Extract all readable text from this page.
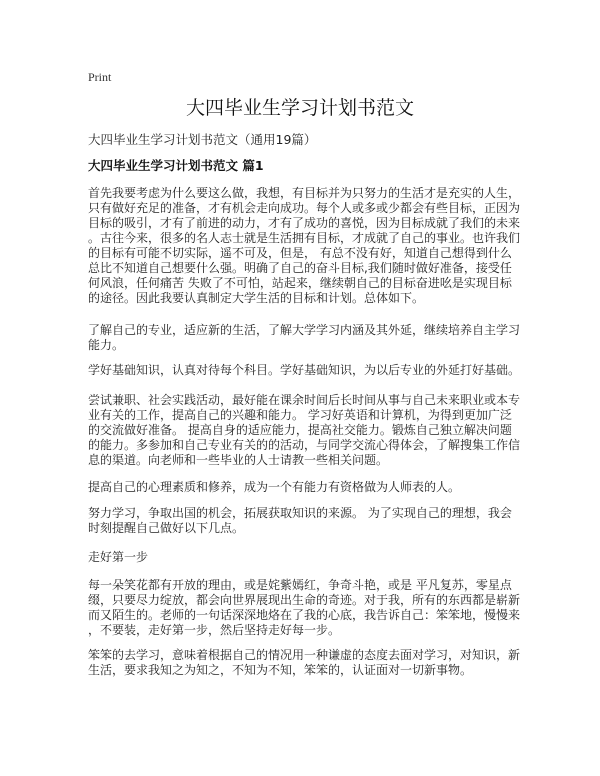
Print
大四毕业生学习计划书范文
大四毕业生学习计划书范文（通用19篇）
大四毕业生学习计划书范文 篇1
首先我要考虑为什么要这么做，我想，有目标并为只努力的生活才是充实的人生，
只有做好充足的准备，才有机会走向成功。每个人或多或少都会有些目标，正因为
目标的吸引，才有了前进的动力，才有了成功的喜悦，因为目标成就了我们的未来
。古往今来，很多的名人志士就是生活拥有目标，才成就了自己的事业。也许我们
的目标有可能不切实际，遥不可及，但是， 有总不没有好，知道自己想得到什么
总比不知道自己想要什么强。明确了自己的奋斗目标,我们随时做好准备，接受任
何风浪，任何痛苦 失败了不可怕，站起来，继续朝自己的目标奋进吆是实现目标
的途径。因此我要认真制定大学生活的目标和计划。总体如下。
了解自己的专业，适应新的生活，了解大学学习内涵及其外延，继续培养自主学习
能力。
学好基础知识，认真对待每个科目。学好基础知识，为以后专业的外延打好基础。
尝试兼职、社会实践活动，最好能在课余时间后长时间从事与自己未来职业或本专
业有关的工作，提高自己的兴趣和能力。 学习好英语和计算机，为得到更加广泛
的交流做好准备。 提高自身的适应能力，提高社交能力。锻炼自己独立解决问题
的能力。多参加和自己专业有关的的活动，与同学交流心得体会，了解搜集工作信
息的渠道。向老师和一些毕业的人士请教一些相关问题。
提高自己的心理素质和修养，成为一个有能力有资格做为人师表的人。
努力学习，争取出国的机会，拓展获取知识的来源。 为了实现自己的理想，我会
时刻提醒自己做好以下几点。
走好第一步
每一朵笑花都有开放的理由，或是姹紫嫣红，争奇斗艳，或是 平凡复苏，零星点
缀，只要尽力绽放，都会向世界展现出生命的奇迹。对于我，所有的东西都是崭新
而又陌生的。老师的一句话深深地烙在了我的心底，我告诉自己：笨笨地，慢慢来
，不要装，走好第一步，然后坚持走好每一步。
笨笨的去学习，意味着根据自己的情况用一种谦虚的态度去面对学习，对知识，新
生活，要求我知之为知之，不知为不知，笨笨的，认证面对一切新事物。
